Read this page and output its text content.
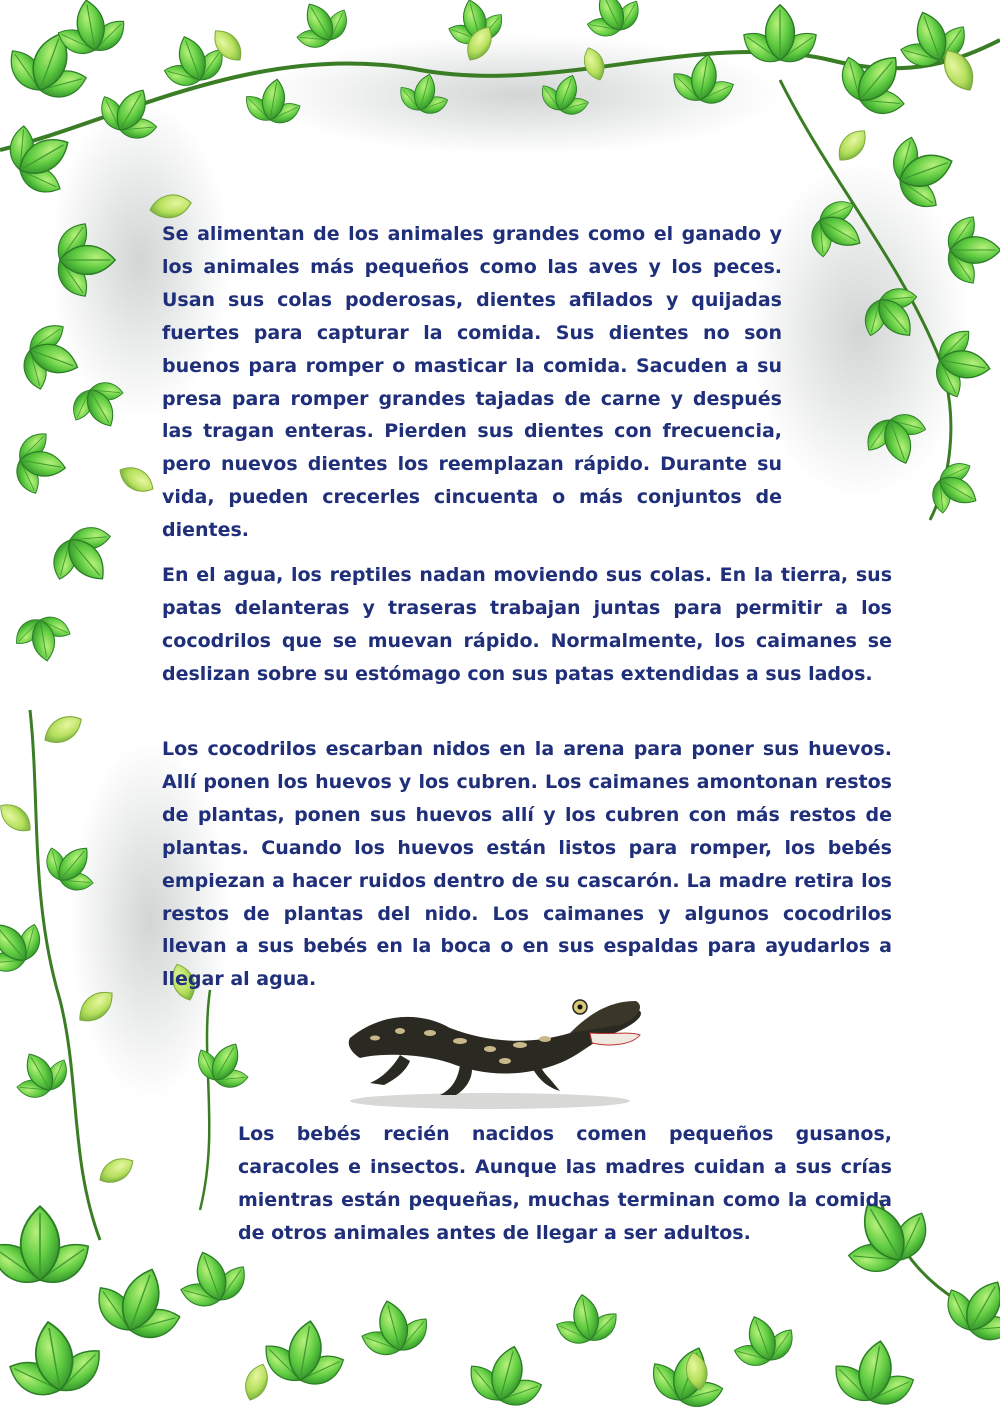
Se alimentan de los animales grandes como el ganado y los animales más pequeños como las aves y los peces. Usan sus colas poderosas, dientes afilados y quijadas fuertes para capturar la comida. Sus dientes no son buenos para romper o masticar la comida. Sacuden a su presa para romper grandes tajadas de carne y después las tragan enteras. Pierden sus dientes con frecuencia, pero nuevos dientes los reemplazan rápido. Durante su vida, pueden crecerles cincuenta o más conjuntos de dientes.

En el agua, los reptiles nadan moviendo sus colas. En la tierra, sus patas delanteras y traseras trabajan juntas para permitir a los cocodrilos que se muevan rápido. Normalmente, los caimanes se deslizan sobre su estómago con sus patas extendidas a sus lados.

Los cocodrilos escarban nidos en la arena para poner sus huevos. Allí ponen los huevos y los cubren. Los caimanes amontonan restos de plantas, ponen sus huevos allí y los cubren con más restos de plantas. Cuando los huevos están listos para romper, los bebés empiezan a hacer ruidos dentro de su cascarón. La madre retira los restos de plantas del nido. Los caimanes y algunos cocodrilos llevan a sus bebés en la boca o en sus espaldas para ayudarlos a llegar al agua.

Los bebés recién nacidos comen pequeños gusanos, caracoles e insectos. Aunque las madres cuidan a sus crías mientras están pequeñas, muchas terminan como la comida de otros animales antes de llegar a ser adultos.
